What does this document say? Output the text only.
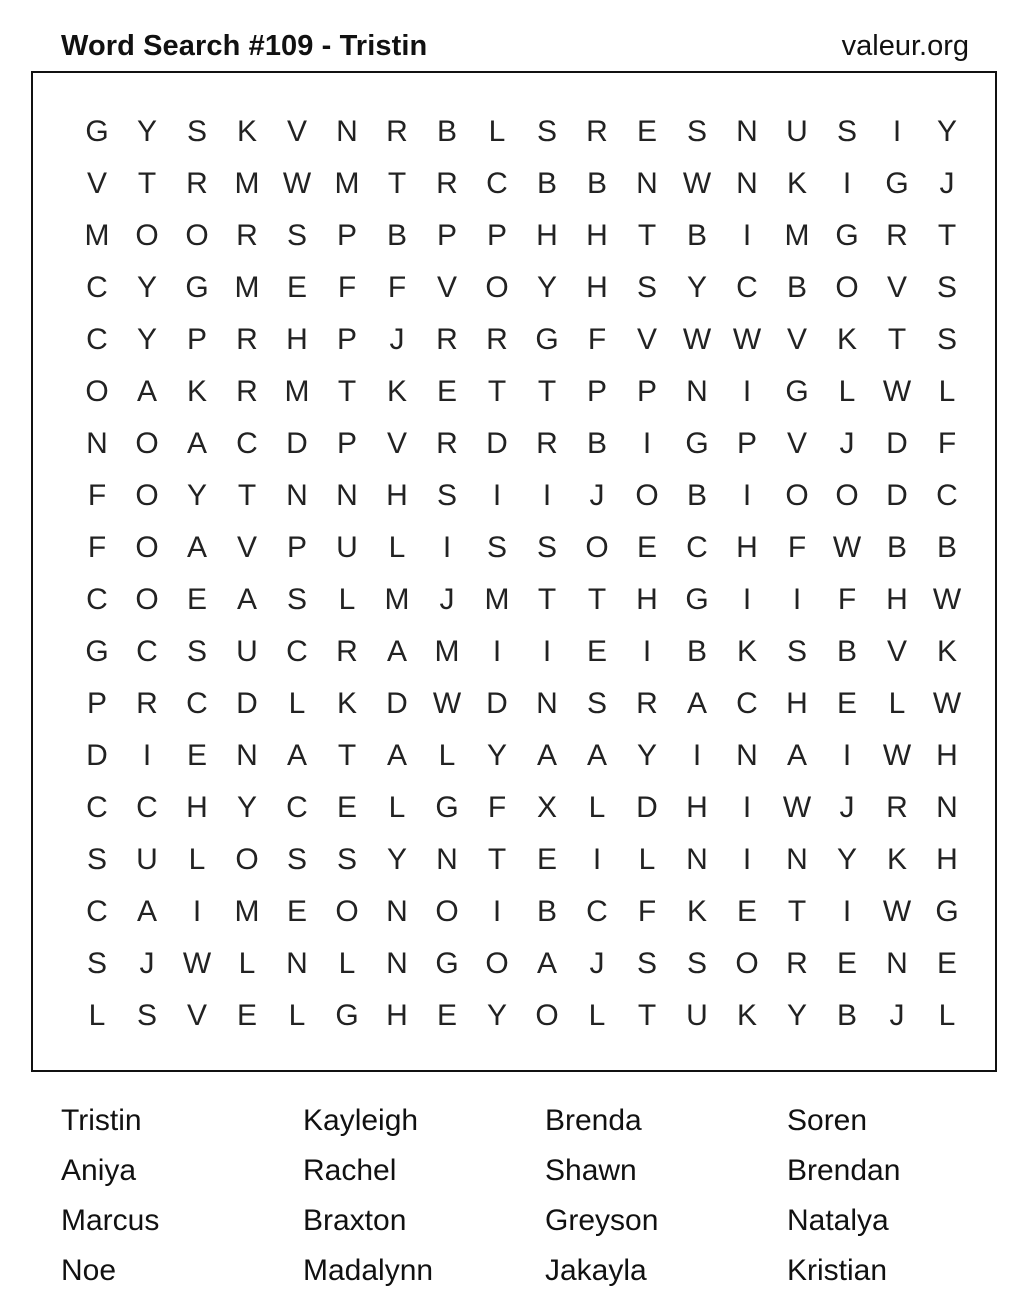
Word Search #109 - Tristin	valeur.org
G Y S K V N R B	L	S R E S N U S	I	Y
V	T	R M W M T	R C B B N W N K	I	G	J
M O O R S P B P P H H	T	B	I	M G R	T
C Y G M E	F	F	V O Y H S Y C B O V S
C Y P R H P	J	R R G F	V W W V K	T	S
O A K R M T	K E	T	T	P P N	I	G L W L
N O A C D P V R D R B	I	G P V	J	D	F
F O Y	T	N N H S	I	I	J	O B	I	O O D C
F O A V P U	L	I	S S O E C H	F W B B
C O E A S	L M	J	M T	T	H G	I	I	F	H W
G C S U C R A M	I	I	E	I	B K S B V K
P R C D	L	K D W D N S R A C H E	L W
D	I	E N A	T	A	L	Y A A Y	I	N A	I	W H
C C H Y C E	L G F	X	L	D H	I	W J	R N
S U	L O S S Y N	T	E	I	L	N	I	N Y K H
C A	I	M E O N O	I	B C	F	K E	T	I	W G
S	J W L	N	L	N G O A	J	S S O R E N E
L	S V E	L G H E Y O L	T	U K Y B	J	L
Tristin	Kayleigh	Brenda	Soren
Aniya	Rachel	Shawn	Brendan
Marcus	Braxton	Greyson	Natalya
Noe	Madalynn	Jakayla	Kristian
